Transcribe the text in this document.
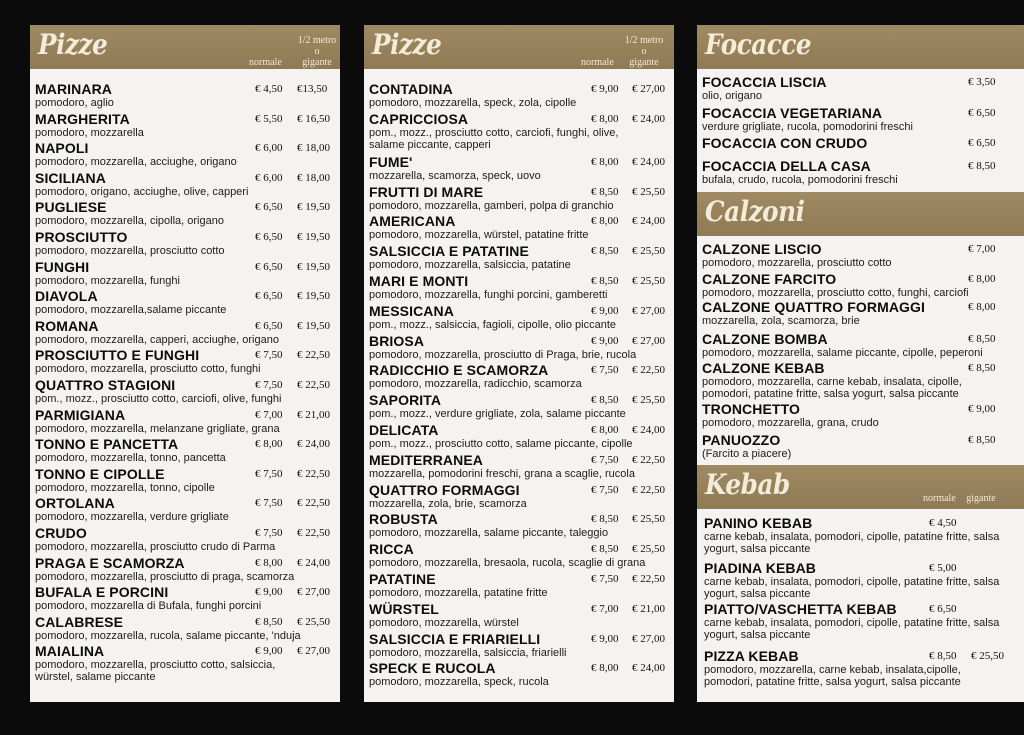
Pizze
normale
1/2 metro
o
gigante
MARINARA
pomodoro, aglio
€ 4,50 €13,50
MARGHERITA
pomodoro, mozzarella
€ 5,50 € 16,50
NAPOLI
pomodoro, mozzarella, acciughe, origano
€ 6,00 € 18,00
SICILIANA
pomodoro, origano, acciughe, olive, capperi
€ 6,00 € 18,00
PUGLIESE
pomodoro, mozzarella, cipolla, origano
€ 6,50 € 19,50
PROSCIUTTO
pomodoro, mozzarella, prosciutto cotto
€ 6,50 € 19,50
FUNGHI
pomodoro, mozzarella, funghi
€ 6,50 € 19,50
DIAVOLA
pomodoro, mozzarella,salame piccante
€ 6,50 € 19,50
ROMANA
pomodoro, mozzarella, capperi, acciughe, origano
€ 6,50 € 19,50
PROSCIUTTO E FUNGHI
pomodoro, mozzarella, prosciutto cotto, funghi
€ 7,50 € 22,50
QUATTRO STAGIONI
pom., mozz., prosciutto cotto, carciofi, olive, funghi
€ 7,50 € 22,50
PARMIGIANA
pomodoro, mozzarella, melanzane grigliate, grana
€ 7,00 € 21,00
TONNO E PANCETTA
pomodoro, mozzarella, tonno, pancetta
€ 8,00 € 24,00
TONNO E CIPOLLE
pomodoro, mozzarella, tonno, cipolle
€ 7,50 € 22,50
ORTOLANA
pomodoro, mozzarella, verdure grigliate
€ 7,50 € 22,50
CRUDO
pomodoro, mozzarella, prosciutto crudo di Parma
€ 7,50 € 22,50
PRAGA E SCAMORZA
pomodoro, mozzarella, prosciutto di praga, scamorza
€ 8,00 € 24,00
BUFALA E PORCINI
pomodoro, mozzarella di Bufala, funghi porcini
€ 9,00 € 27,00
CALABRESE
pomodoro, mozzarella, rucola, salame piccante, 'nduja
€ 8,50 € 25,50
MAIALINA
pomodoro, mozzarella, prosciutto cotto, salsiccia, würstel, salame piccante
€ 9,00 € 27,00
Pizze
normale
1/2 metro
o
gigante
CONTADINA
pomodoro, mozzarella, speck, zola, cipolle
€ 9,00 € 27,00
CAPRICCIOSA
pom., mozz., prosciutto cotto, carciofi, funghi, olive, salame piccante, capperi
€ 8,00 € 24,00
FUME'
mozzarella, scamorza, speck, uovo
€ 8,00 € 24,00
FRUTTI DI MARE
pomodoro, mozzarella, gamberi, polpa di granchio
€ 8,50 € 25,50
AMERICANA
pomodoro, mozzarella, würstel, patatine fritte
€ 8,00 € 24,00
SALSICCIA E PATATINE
pomodoro, mozzarella, salsiccia, patatine
€ 8,50 € 25,50
MARI E MONTI
pomodoro, mozzarella, funghi porcini, gamberetti
€ 8,50 € 25,50
MESSICANA
pom., mozz., salsiccia, fagioli, cipolle, olio piccante
€ 9,00 € 27,00
BRIOSA
pomodoro, mozzarella, prosciutto di Praga, brie, rucola
€ 9,00 € 27,00
RADICCHIO E SCAMORZA
pomodoro, mozzarella, radicchio, scamorza
€ 7,50 € 22,50
SAPORITA
pom., mozz., verdure grigliate, zola, salame piccante
€ 8,50 € 25,50
DELICATA
pom., mozz., prosciutto cotto, salame piccante, cipolle
€ 8,00 € 24,00
MEDITERRANEA
mozzarella, pomodorini freschi, grana a scaglie, rucola
€ 7,50 € 22,50
QUATTRO FORMAGGI
mozzarella, zola, brie, scamorza
€ 7,50 € 22,50
ROBUSTA
pomodoro, mozzarella, salame piccante, taleggio
€ 8,50 € 25,50
RICCA
pomodoro, mozzarella, bresaola, rucola, scaglie di grana
€ 8,50 € 25,50
PATATINE
pomodoro, mozzarella, patatine fritte
€ 7,50 € 22,50
WÜRSTEL
pomodoro, mozzarella, würstel
€ 7,00 € 21,00
SALSICCIA E FRIARIELLI
pomodoro, mozzarella, salsiccia, friarielli
€ 9,00 € 27,00
SPECK E RUCOLA
pomodoro, mozzarella, speck, rucola
€ 8,00 € 24,00
Focacce
FOCACCIA LISCIA
olio, origano
€ 3,50
FOCACCIA VEGETARIANA
verdure grigliate, rucola, pomodorini freschi
€ 6,50
FOCACCIA CON CRUDO	€ 6,50
FOCACCIA DELLA CASA
bufala, crudo, rucola, pomodorini freschi
€ 8,50
Calzoni
CALZONE LISCIO
pomodoro, mozzarella, prosciutto cotto
€ 7,00
CALZONE FARCITO
pomodoro, mozzarella, prosciutto cotto, funghi, carciofi
€ 8,00
CALZONE QUATTRO FORMAGGI
mozzarella, zola, scamorza, brie
€ 8,00
CALZONE BOMBA
pomodoro, mozzarella, salame piccante, cipolle, peperoni
€ 8,50
CALZONE KEBAB
pomodoro, mozzarella, carne kebab, insalata, cipolle, pomodori, patatine fritte, salsa yogurt, salsa piccante
€ 8,50
TRONCHETTO
pomodoro, mozzarella, grana, crudo
€ 9,00
PANUOZZO
(Farcito a piacere)
€ 8,50
Kebab	normale	gigante
PANINO KEBAB
carne kebab, insalata, pomodori, cipolle, patatine fritte, salsa yogurt, salsa piccante
€ 4,50
PIADINA KEBAB
carne kebab, insalata, pomodori, cipolle, patatine fritte, salsa yogurt, salsa piccante
€ 5,00
PIATTO/VASCHETTA KEBAB
carne kebab, insalata, pomodori, cipolle, patatine fritte, salsa yogurt, salsa piccante
€ 6,50
PIZZA KEBAB
pomodoro, mozzarella, carne kebab, insalata,cipolle, pomodori, patatine fritte, salsa yogurt, salsa piccante
€ 8,50 € 25,50
